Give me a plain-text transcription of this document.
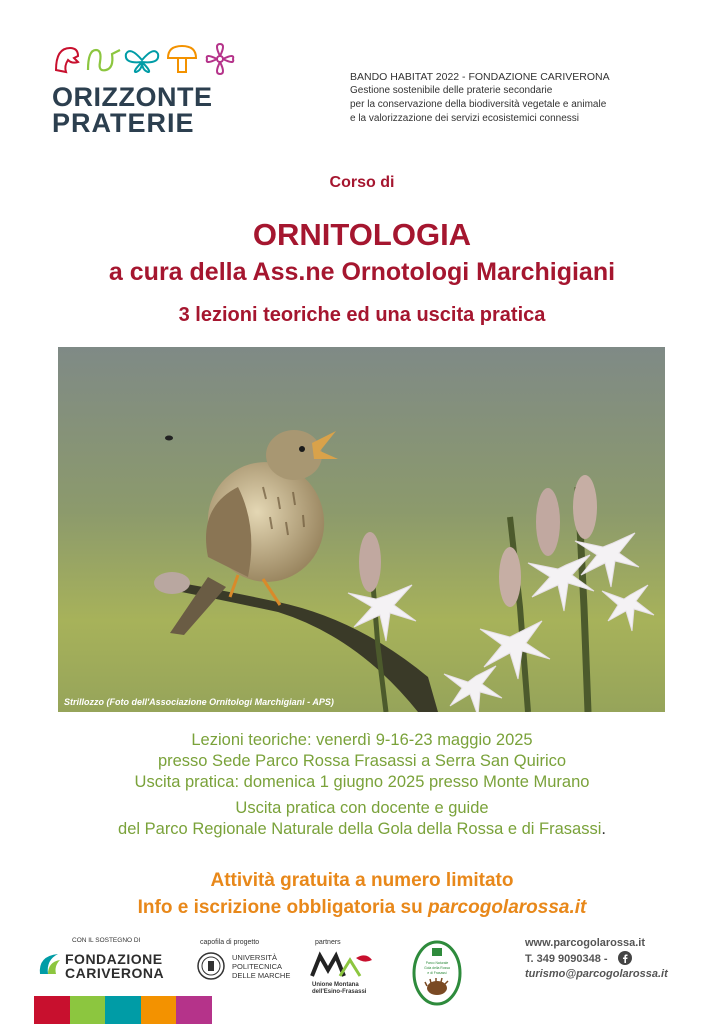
ORIZZONTE
PRATERIE
BANDO HABITAT 2022 - FONDAZIONE CARIVERONA
Gestione sostenibile delle praterie secondarie
per la conservazione della biodiversità vegetale e animale
e la valorizzazione dei servizi ecosistemici connessi
Corso di
ORNITOLOGIA
a cura della Ass.ne Ornotologi Marchigiani
3 lezioni teoriche ed una uscita pratica
Strillozzo (Foto dell'Associazione Ornitologi Marchigiani - APS)
Lezioni teoriche: venerdì 9-16-23 maggio 2025
presso Sede Parco Rossa Frasassi a Serra San Quirico
Uscita pratica: domenica 1 giugno 2025 presso Monte Murano
Uscita pratica con docente e guide
del Parco Regionale Naturale della Gola della Rossa e di Frasassi.
Attività gratuita a numero limitato
Info e iscrizione obbligatoria su parcogolarossa.it
CON IL SOSTEGNO DI
FONDAZIONE
CARIVERONA
capofila di progetto
UNIVERSITÀ
POLITECNICA
DELLE MARCHE
partners
Unione Montana
dell'Esino-Frasassi
Parco Naturale
Gola della Rossa
e di Frasassi
www.parcogolarossa.it
T. 349 9090348 -
turismo@parcogolarossa.it
